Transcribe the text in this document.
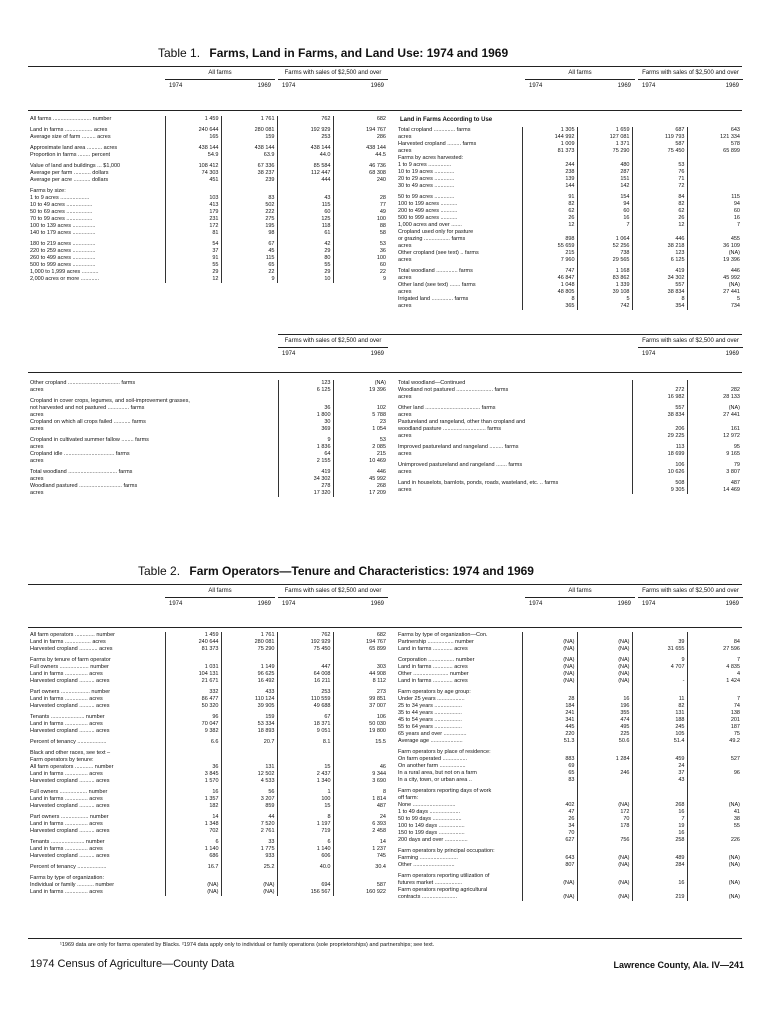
Table 1. Farms, Land in Farms, and Land Use: 1974 and 1969
All farms
1974	1969
Farms with sales of $2,500 and over
1974	1969
All farms
1974	1969
Farms with sales of $2,500 and over
1974	1969
All farms ......................... number	1 459	1 761	762	682

Land in farms .................. acres	240 644	280 081	192 929	194 767
Average size of farm ......... acres	165	159	253	286

Approximate land area .......... acres	438 144	438 144	438 144	438 144
Proportion in farms ........ percent	54.9	63.9	44.0	44.5

Value of land and buildings ... $1,000	108 412	67 336	85 584	46 736
Average per farm ........... dollars	74 303	38 237	112 447	68 308
Average per acre ........... dollars	451	239	444	240

Farms by size:				
1 to 9 acres ...................	103	83	43	28
10 to 49 acres .................	413	502	115	77
50 to 69 acres .................	179	222	60	49
70 to 99 acres .................	231	275	125	100
100 to 139 acres ...............	172	195	118	88
140 to 179 acres ...............	81	98	61	58

180 to 219 acres ...............	54	67	42	53
220 to 259 acres ...............	37	45	29	36
260 to 499 acres ...............	91	115	80	100
500 to 999 acres ...............	55	65	55	60
1,000 to 1,999 acres ...........	29	22	29	22
2,000 acres or more ............	12	9	10	9
Land in Farms According to Use
Total cropland .............. farms	1 305	1 659	687	643
acres	144 992	127 081	119 793	121 334
Harvested cropland ......... farms	1 009	1 371	587	578
acres	81 373	75 290	75 450	65 899
Farms by acres harvested:				
1 to 9 acres ...............	244	480	53	
10 to 19 acres .............	238	287	76	
20 to 29 acres .............	139	151	71	
30 to 49 acres .............	144	142	72	

50 to 99 acres .............	91	154	84	115
100 to 199 acres ...........	82	94	82	94
200 to 499 acres ...........	62	60	62	60
500 to 999 acres ...........	26	16	26	16
1,000 acres and over .......	12	7	12	7
Cropland used only for pasture				
or grazing ................. farms	898	1 064	446	455
acres	55 659	52 256	38 218	36 109
Other cropland (see text) .. farms	215	738	123	(NA)
acres	7 960	29 565	6 125	19 396

Total woodland .............. farms	747	1 168	419	446
acres	46 847	83 862	34 302	45 992
Other land (see text) ....... farms	1 048	1 339	557	(NA)
acres	48 805	39 108	38 834	27 441
Irrigated land .............. farms	8	5	8	5
acres	365	742	354	734
Farms with sales of $2,500 and over
1974	1969
Farms with sales of $2,500 and over
1974	1969
Other cropland .................................. farms	123	(NA)
acres	6 125	19 396

Cropland in cover crops, legumes, and soil-improvement grasses,		
not harvested and not pastured .............. farms	36	102
acres	1 800	5 788
Cropland on which all crops failed ........... farms	30	23
acres	369	1 054

Cropland in cultivated summer fallow ........ farms	9	53
acres	1 836	2 085
Cropland idle ................................. farms	64	215
acres	2 155	10 469

Total woodland ................................ farms	419	446
acres	34 302	45 992
Woodland pastured ............................ farms	278	268
acres	17 320	17 209
Total woodland—Continued		
Woodland not pastured ........................ farms	272	282
acres	16 982	28 133

Other land .................................... farms	557	(NA)
acres	38 834	27 441
Pastureland and rangeland, other than cropland and		
woodland pasture ............................ farms	206	161
acres	29 225	12 972

Improved pastureland and rangeland ......... farms	113	95
acres	18 699	9 165

Unimproved pastureland and rangeland ....... farms	106	79
acres	10 626	3 807

Land in houselots, barnlots, ponds, roads, wasteland, etc. .. farms	508	487
acres	9 305	14 469
Table 2. Farm Operators—Tenure and Characteristics: 1974 and 1969
All farms
1974	1969
Farms with sales of $2,500 and over
1974	1969
All farms
1974	1969
Farms with sales of $2,500 and over
1974	1969
All farm operators ............. number	1 459	1 761	762	682
Land in farms ................. acres	240 644	280 081	192 929	194 767
Harvested cropland ............ acres	81 373	75 290	75 450	65 899

Farms by tenure of farm operator				
Full owners ................... number	1 031	1 149	447	303
Land in farms ............... acres	104 131	96 625	64 008	44 908
Harvested cropland .......... acres	21 671	16 492	16 211	8 112

Part owners ................... number	332	433	253	273
Land in farms ............... acres	86 477	110 124	110 559	99 851
Harvested cropland .......... acres	50 320	39 905	49 688	37 007

Tenants ...................... number	96	159	67	106
Land in farms ............... acres	70 047	53 334	18 371	50 030
Harvested cropland .......... acres	9 382	18 893	9 051	19 800

Percent of tenancy ...................	6.6	20.7	8.1	15.5

Black and other races, see text –				
Farm operators by tenure:				
All farm operators ............ number	36	131	15	46
Land in farms ............... acres	3 845	12 502	2 437	9 344
Harvested cropland .......... acres	1 570	4 533	1 340	3 690

Full owners .................. number	16	56	1	8
Land in farms ............... acres	1 357	3 207	100	1 814
Harvested cropland .......... acres	182	859	15	487

Part owners .................. number	14	44	8	24
Land in farms ............... acres	1 348	7 520	1 197	6 393
Harvested cropland .......... acres	702	2 761	719	2 458

Tenants ...................... number	6	33	6	14
Land in farms ............... acres	1 140	1 775	1 140	1 237
Harvested cropland .......... acres	686	933	606	745

Percent of tenancy ...................	16.7	25.2	40.0	30.4

Farms by type of organization:				
Individual or family ........... number	(NA)	(NA)	694	587
Land in farms ............... acres	(NA)	(NA)	156 567	160 922
Farms by type of organization—Con.				
Partnership ................. number	(NA)	(NA)	39	84
Land in farms ............. acres	(NA)	(NA)	31 655	27 596

Corporation ................. number	(NA)	(NA)	9	7
Land in farms ............. acres	(NA)	(NA)	4 707	4 835
Other ....................... number	(NA)	(NA)		4
Land in farms ............. acres	(NA)	(NA)	-	1 424

Farm operators by age group:				
Under 25 years ..................	28	16	11	7
25 to 34 years ..................	184	196	82	74
35 to 44 years ..................	241	355	131	138
45 to 54 years ..................	341	474	188	201
55 to 64 years ..................	445	495	245	187
65 years and over ...............	220	225	105	75
Average age .....................	51.3	50.6	51.4	49.2

Farm operators by place of residence:				
On farm operated ................	883	1 284	459	527
On another farm .................	69		24	
In a rural area, but not on a farm	65	246	37	96
In a city, town, or urban area ..	83		43	

Farm operators reporting days of work				
off farm:				
None ............................	402	(NA)	268	(NA)
1 to 49 days ....................	47	172	16	41
50 to 99 days ...................	26	70	7	38
100 to 149 days .................	34	178	19	55
150 to 199 days .................	70		16	
200 days and over ...............	627	756	258	226

Farm operators by principal occupation:				
Farming .........................	643	(NA)	489	(NA)
Other ...........................	807	(NA)	284	(NA)

Farm operators reporting utilization of				
futures market ..................	(NA)	(NA)	16	(NA)
Farm operators reporting agricultural				
contracts .......................	(NA)	(NA)	219	(NA)
¹1969 data are only for farms operated by Blacks. ²1974 data apply only to individual or family operations (sole proprietorships) and partnerships; see text.
1974 Census of Agriculture—County Data	Lawrence County, Ala. IV—241
